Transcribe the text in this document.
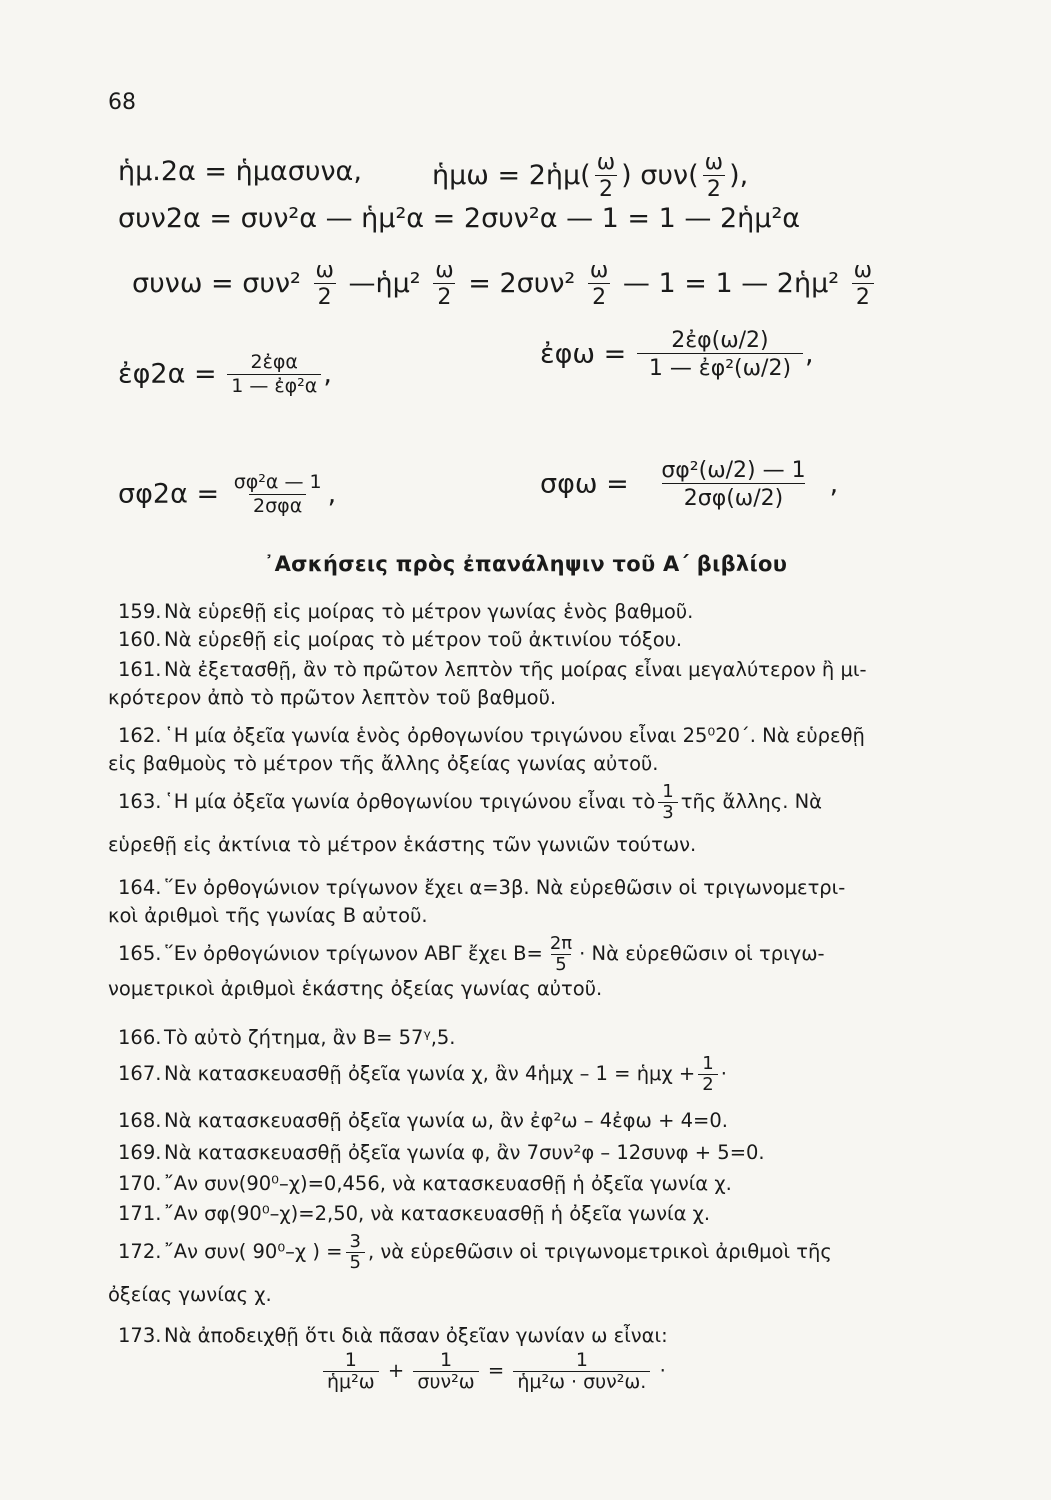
68
ἡμ.2α = ἡμασυνα,	ἡμω = 2ἡμ( $\frac{\omega}{2}$ ) $\sigma\upsilon\nu( \frac{\omega}{2}$ ),
συν2α = συν²α — ἡμ²α = 2συν²α — 1 = 1 — 2ἡμ²α
$\sigma\upsilon\nu\omega = \sigma\upsilon\nu^2 \frac{\omega}{2}$ —ἡμ² $\frac{\omega}{2} = 2\sigma\upsilon\nu^2 \frac{\omega}{2}$ — 1 = 1 — 2ἡμ² $\frac{\omega}{2}$
ἐφ2α = $\frac{\text{2ἐφα}}{\text{1 — ἐφ²α}}$ ,
ἐφω = $\frac{\text{2ἐφ(ω/2)}}{\text{1 — ἐφ²(ω/2)}}$ ,
$\sigma\varphi 2\alpha = \frac{\text{σφ²α — 1}}{\text{2σφα}}$ ,	$\sigma\varphi\omega = \frac{\text{σφ²(ω/2) — 1}}{2\sigma\varphi(\omega/2)}$ ,
᾿Ασκήσεις πρὸς ἐπανάληψιν τοῦ Α΄ βιβλίου
159. Νὰ εὑρεθῇ εἰς μοίρας τὸ μέτρον γωνίας ἑνὸς βαθμοῦ.
160. Νὰ εὑρεθῇ εἰς μοίρας τὸ μέτρον τοῦ ἀκτινίου τόξου.
161. Νὰ ἐξετασθῇ, ἂν τὸ πρῶτον λεπτὸν τῆς μοίρας εἶναι μεγαλύτερον ἢ μι-
κρότερον ἀπὸ τὸ πρῶτον λεπτὸν τοῦ βαθμοῦ.
162. ῾Η μία ὀξεῖα γωνία ἑνὸς ὀρθογωνίου τριγώνου εἶναι 25⁰20΄. Νὰ εὑρεθῇ
εἰς βαθμοὺς τὸ μέτρον τῆς ἄλλης ὀξείας γωνίας αὐτοῦ.
163. ῾Η μία ὀξεῖα γωνία ὀρθογωνίου τριγώνου εἶναι τὸ $\frac{1}{3}$ τῆς ἄλλης. Νὰ
εὑρεθῇ εἰς ἀκτίνια τὸ μέτρον ἑκάστης τῶν γωνιῶν τούτων.
164. ῞Εν ὀρθογώνιον τρίγωνον ἔχει α=3β. Νὰ εὑρεθῶσιν οἱ τριγωνομετρι-
κοὶ ἀριθμοὶ τῆς γωνίας Β αὐτοῦ.
165. ῞Εν ὀρθογώνιον τρίγωνον ΑΒΓ ἔχει $B= \frac{2\pi}{5}$ · Νὰ εὑρεθῶσιν οἱ τριγω-
νομετρικοὶ ἀριθμοὶ ἑκάστης ὀξείας γωνίας αὐτοῦ.
166. Τὸ αὐτὸ ζήτημα, ἂν Β= 57ᵞ,5.
167. Νὰ κατασκευασθῇ ὀξεῖα γωνία χ, ἂν 4ἡμχ – 1 = ἡμχ + $\frac{1}{2}$ ·
168. Νὰ κατασκευασθῇ ὀξεῖα γωνία ω, ἂν ἐφ²ω – 4ἐφω + 4=0.
169. Νὰ κατασκευασθῇ ὀξεῖα γωνία φ, ἂν 7συν²φ – 12συνφ + 5=0.
170. ῎Αν συν(90⁰–χ)=0,456, νὰ κατασκευασθῇ ἡ ὀξεῖα γωνία χ.
171. ῎Αν σφ(90⁰–χ)=2,50, νὰ κατασκευασθῇ ἡ ὀξεῖα γωνία χ.
172. ῎Αν συν( 90⁰–χ ) = $\frac{3}{5}$ , νὰ εὑρεθῶσιν οἱ τριγωνομετρικοὶ ἀριθμοὶ τῆς
ὀξείας γωνίας χ.
173. Νὰ ἀποδειχθῇ ὅτι διὰ πᾶσαν ὀξεῖαν γωνίαν ω εἶναι:
$\frac{1}{\text{ἡμ²ω}} + 1$
συν²ω =	1
ἡμ²ω · συν²ω. ·
